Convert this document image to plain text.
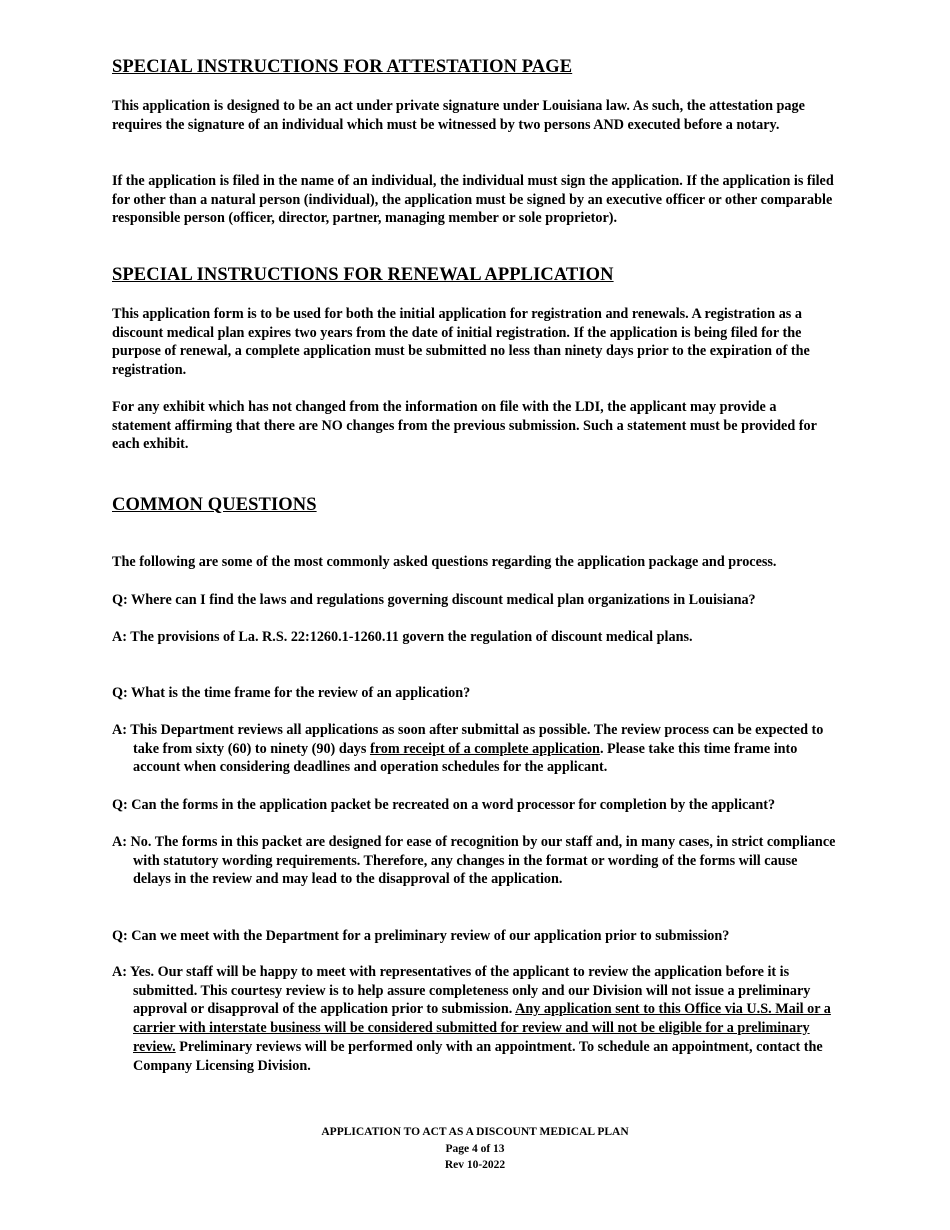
SPECIAL INSTRUCTIONS FOR ATTESTATION PAGE

This application is designed to be an act under private signature under Louisiana law. As such, the attestation page requires the signature of an individual which must be witnessed by two persons AND executed before a notary.

If the application is filed in the name of an individual, the individual must sign the application. If the application is filed for other than a natural person (individual), the application must be signed by an executive officer or other comparable responsible person (officer, director, partner, managing member or sole proprietor).

SPECIAL INSTRUCTIONS FOR RENEWAL APPLICATION

This application form is to be used for both the initial application for registration and renewals. A registration as a discount medical plan expires two years from the date of initial registration. If the application is being filed for the purpose of renewal, a complete application must be submitted no less than ninety days prior to the expiration of the registration.

For any exhibit which has not changed from the information on file with the LDI, the applicant may provide a statement affirming that there are NO changes from the previous submission. Such a statement must be provided for each exhibit.

COMMON QUESTIONS

The following are some of the most commonly asked questions regarding the application package and process.

Q: Where can I find the laws and regulations governing discount medical plan organizations in Louisiana?

A: The provisions of La. R.S. 22:1260.1-1260.11 govern the regulation of discount medical plans.

Q: What is the time frame for the review of an application?

A: This Department reviews all applications as soon after submittal as possible. The review process can be expected to take from sixty (60) to ninety (90) days from receipt of a complete application. Please take this time frame into account when considering deadlines and operation schedules for the applicant.

Q: Can the forms in the application packet be recreated on a word processor for completion by the applicant?

A: No. The forms in this packet are designed for ease of recognition by our staff and, in many cases, in strict compliance with statutory wording requirements. Therefore, any changes in the format or wording of the forms will cause delays in the review and may lead to the disapproval of the application.

Q: Can we meet with the Department for a preliminary review of our application prior to submission?

A: Yes. Our staff will be happy to meet with representatives of the applicant to review the application before it is submitted. This courtesy review is to help assure completeness only and our Division will not issue a preliminary approval or disapproval of the application prior to submission. Any application sent to this Office via U.S. Mail or a carrier with interstate business will be considered submitted for review and will not be eligible for a preliminary review. Preliminary reviews will be performed only with an appointment. To schedule an appointment, contact the Company Licensing Division.

APPLICATION TO ACT AS A DISCOUNT MEDICAL PLAN
Page 4 of 13
Rev 10-2022
